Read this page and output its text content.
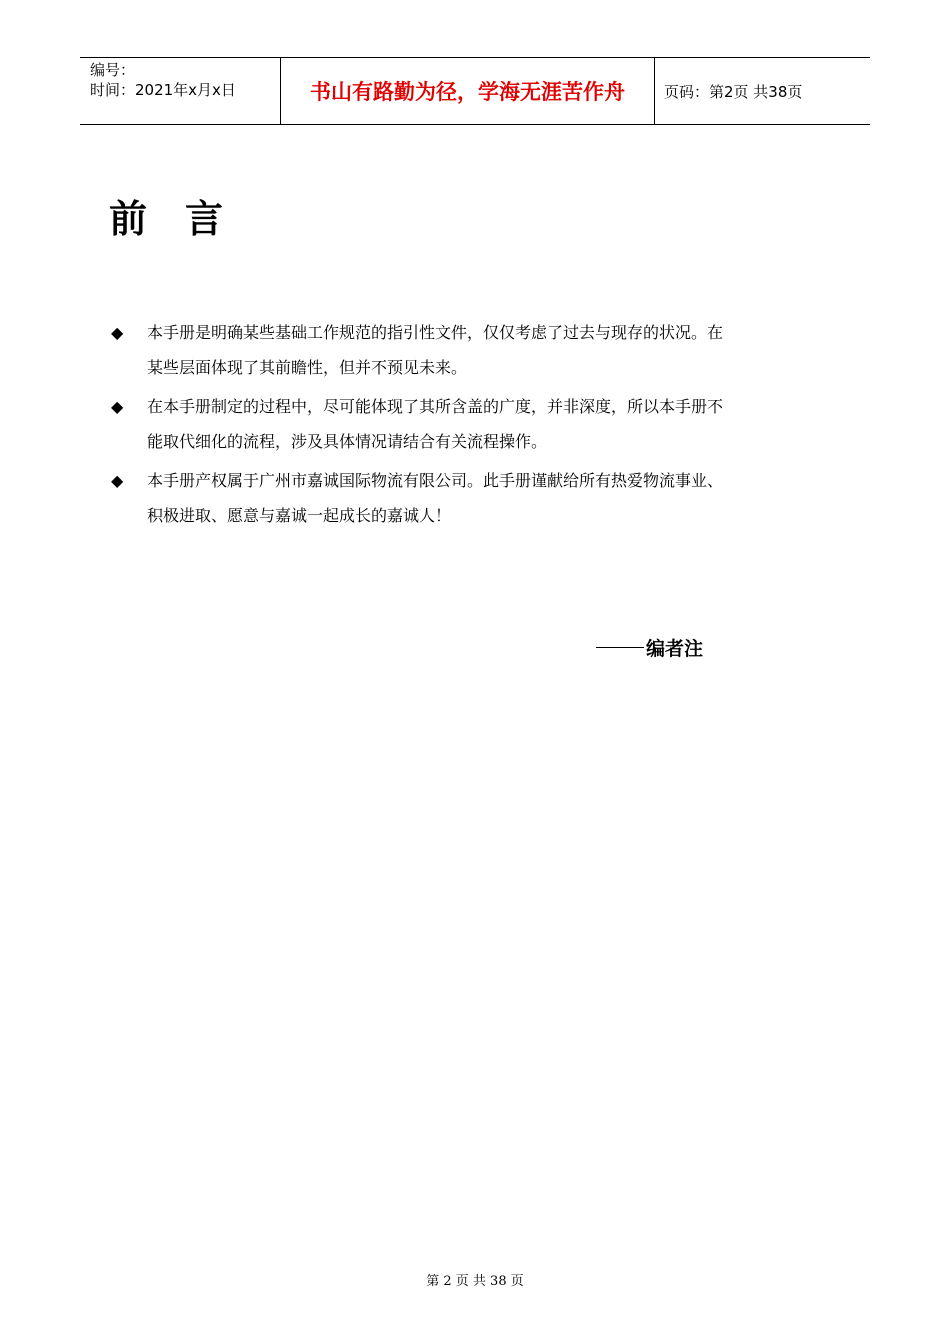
编号：
时间：2021年x月x日	书山有路勤为径，学海无涯苦作舟	页码：第2页 共38页
前 言
◆ 本手册是明确某些基础工作规范的指引性文件，仅仅考虑了过去与现存的状况。在
某些层面体现了其前瞻性，但并不预见未来。
◆ 在本手册制定的过程中，尽可能体现了其所含盖的广度，并非深度，所以本手册不
能取代细化的流程，涉及具体情况请结合有关流程操作。
◆ 本手册产权属于广州市嘉诚国际物流有限公司。此手册谨献给所有热爱物流事业、
积极进取、愿意与嘉诚一起成长的嘉诚人！
编者注
第 2 页 共 38 页
